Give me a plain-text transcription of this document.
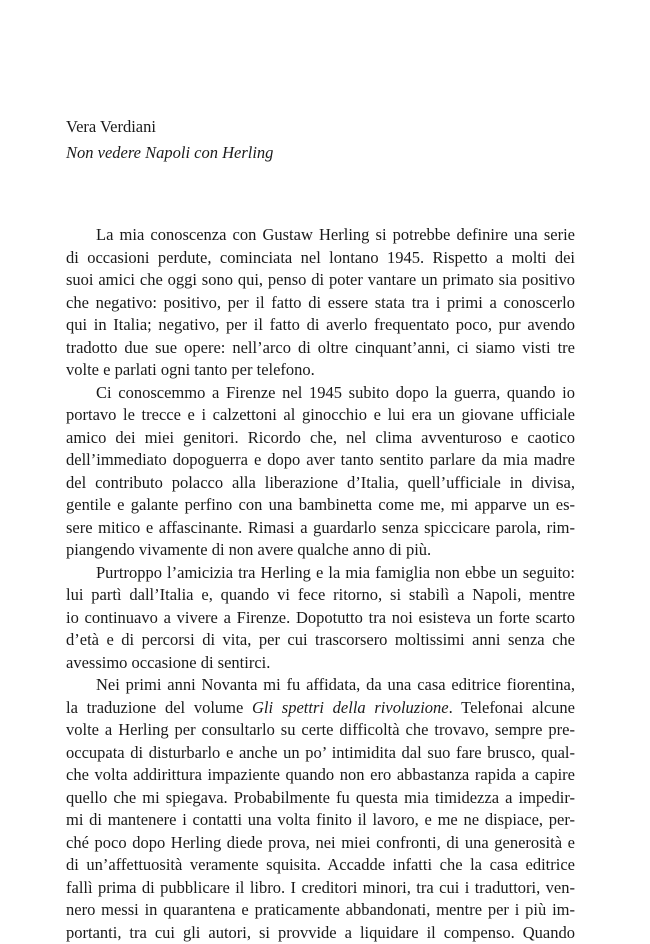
Vera Verdiani

Non vedere Napoli con Herling

La mia conoscenza con Gustaw Herling si potrebbe definire una serie
di occasioni perdute, cominciata nel lontano 1945. Rispetto a molti dei
suoi amici che oggi sono qui, penso di poter vantare un primato sia positivo
che negativo: positivo, per il fatto di essere stata tra i primi a conoscerlo
qui in Italia; negativo, per il fatto di averlo frequentato poco, pur avendo
tradotto due sue opere: nell’arco di oltre cinquant’anni, ci siamo visti tre
volte e parlati ogni tanto per telefono.
Ci conoscemmo a Firenze nel 1945 subito dopo la guerra, quando io
portavo le trecce e i calzettoni al ginocchio e lui era un giovane ufficiale
amico dei miei genitori. Ricordo che, nel clima avventuroso e caotico
dell’immediato dopoguerra e dopo aver tanto sentito parlare da mia madre
del contributo polacco alla liberazione d’Italia, quell’ufficiale in divisa,
gentile e galante perfino con una bambinetta come me, mi apparve un es-
sere mitico e affascinante. Rimasi a guardarlo senza spiccicare parola, rim-
piangendo vivamente di non avere qualche anno di più.
Purtroppo l’amicizia tra Herling e la mia famiglia non ebbe un seguito:
lui partì dall’Italia e, quando vi fece ritorno, si stabilì a Napoli, mentre
io continuavo a vivere a Firenze. Dopotutto tra noi esisteva un forte scarto
d’età e di percorsi di vita, per cui trascorsero moltissimi anni senza che
avessimo occasione di sentirci.
Nei primi anni Novanta mi fu affidata, da una casa editrice fiorentina,
la traduzione del volume Gli spettri della rivoluzione. Telefonai alcune
volte a Herling per consultarlo su certe difficoltà che trovavo, sempre pre-
occupata di disturbarlo e anche un po’ intimidita dal suo fare brusco, qual-
che volta addirittura impaziente quando non ero abbastanza rapida a capire
quello che mi spiegava. Probabilmente fu questa mia timidezza a impedir-
mi di mantenere i contatti una volta finito il lavoro, e me ne dispiace, per-
ché poco dopo Herling diede prova, nei miei confronti, di una generosità e
di un’affettuosità veramente squisita. Accadde infatti che la casa editrice
fallì prima di pubblicare il libro. I creditori minori, tra cui i traduttori, ven-
nero messi in quarantena e praticamente abbandonati, mentre per i più im-
portanti, tra cui gli autori, si provvide a liquidare il compenso. Quando
